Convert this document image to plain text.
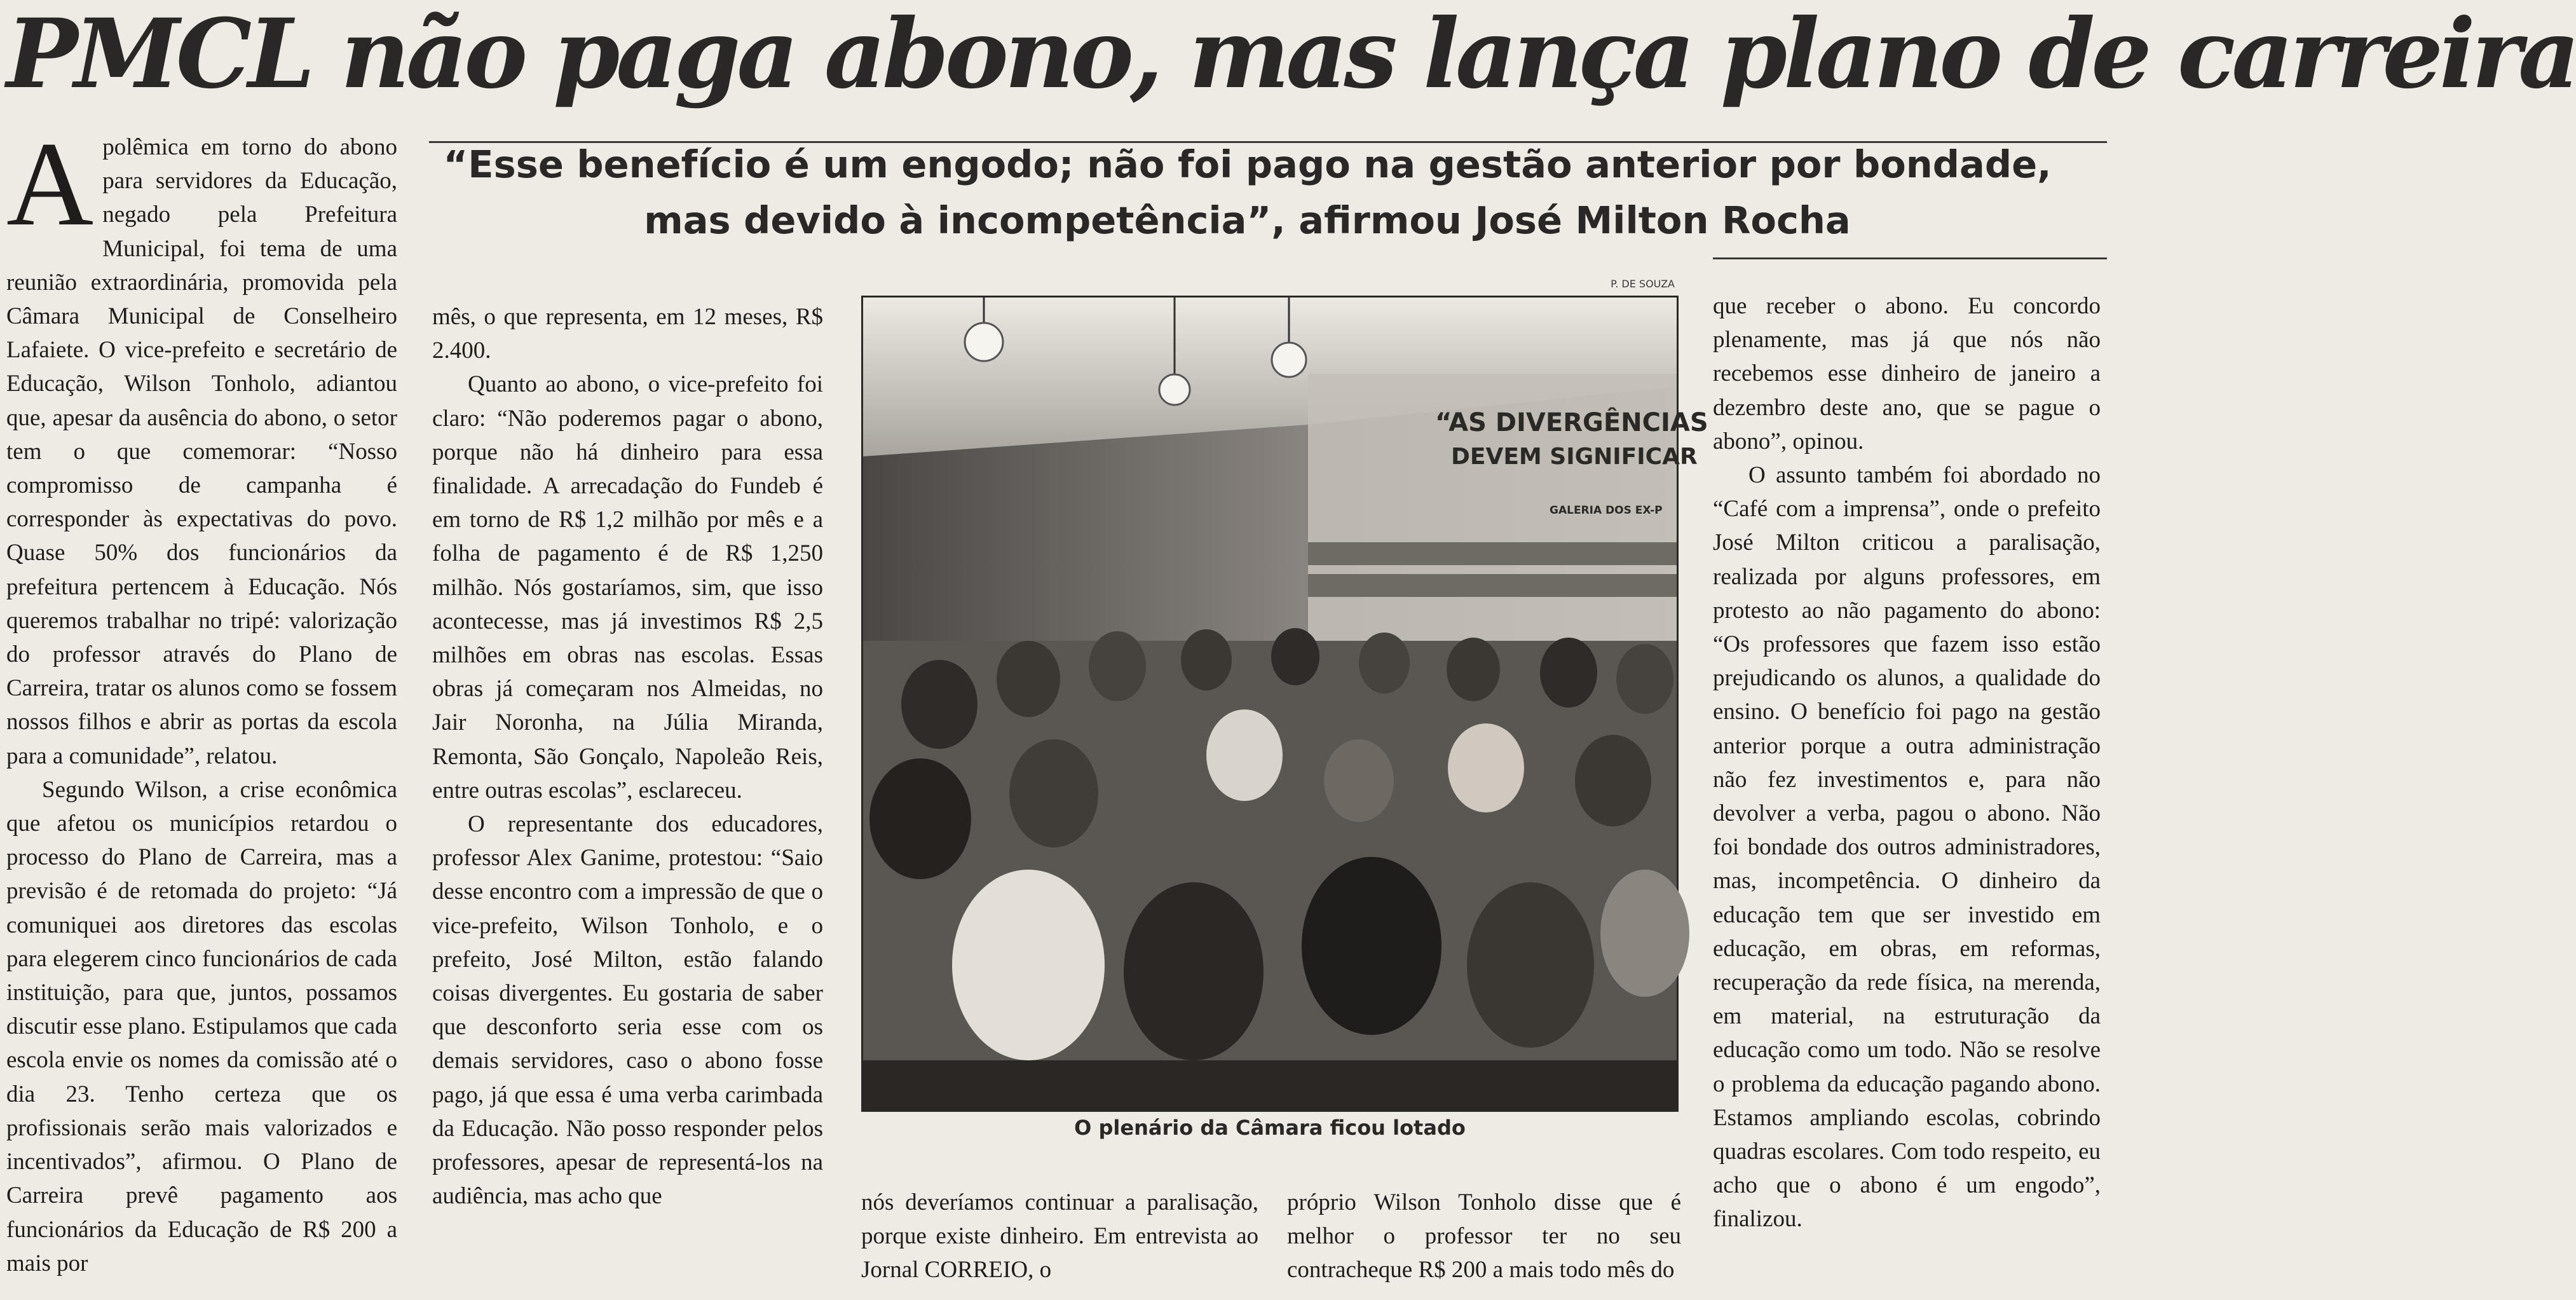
PMCL não paga abono, mas lança plano de carreira
“Esse benefício é um engodo; não foi pago na gestão anterior por bondade, mas devido à incompetência”, afirmou José Milton Rocha

A polêmica em torno do abono para servidores da Educação, negado pela Prefeitura Municipal, foi tema de uma reunião extraordinária, promovida pela Câmara Municipal de Conselheiro Lafaiete. O vice-prefeito e secretário de Educação, Wilson Tonholo, adiantou que, apesar da ausência do abono, o setor tem o que comemorar: “Nosso compromisso de campanha é corresponder às expectativas do povo. Quase 50% dos funcionários da prefeitura pertencem à Educação. Nós queremos trabalhar no tripé: valorização do professor através do Plano de Carreira, tratar os alunos como se fossem nossos filhos e abrir as portas da escola para a comunidade”, relatou.

Segundo Wilson, a crise econômica que afetou os municípios retardou o processo do Plano de Carreira, mas a previsão é de retomada do projeto: “Já comuniquei aos diretores das escolas para elegerem cinco funcionários de cada instituição, para que, juntos, possamos discutir esse plano. Estipulamos que cada escola envie os nomes da comissão até o dia 23. Tenho certeza que os profissionais serão mais valorizados e incentivados”, afirmou. O Plano de Carreira prevê pagamento aos funcionários da Educação de R$ 200 a mais por

mês, o que representa, em 12 meses, R$ 2.400.

Quanto ao abono, o vice-prefeito foi claro: “Não poderemos pagar o abono, porque não há dinheiro para essa finalidade. A arrecadação do Fundeb é em torno de R$ 1,2 milhão por mês e a folha de pagamento é de R$ 1,250 milhão. Nós gostaríamos, sim, que isso acontecesse, mas já investimos R$ 2,5 milhões em obras nas escolas. Essas obras já começaram nos Almeidas, no Jair Noronha, na Júlia Miranda, Remonta, São Gonçalo, Napoleão Reis, entre outras escolas”, esclareceu.

O representante dos educadores, professor Alex Ganime, protestou: “Saio desse encontro com a impressão de que o vice-prefeito, Wilson Tonholo, e o prefeito, José Milton, estão falando coisas divergentes. Eu gostaria de saber que desconforto seria esse com os demais servidores, caso o abono fosse pago, já que essa é uma verba carimbada da Educação. Não posso responder pelos professores, apesar de representá-los na audiência, mas acho que

P. DE SOUZA
“AS DIVERGÊNCIAS
DEVEM SIGNIFICAR
GALERIA DOS EX-P
O plenário da Câmara ficou lotado

nós deveríamos continuar a paralisação, porque existe dinheiro. Em entrevista ao Jornal CORREIO, o

próprio Wilson Tonholo disse que é melhor o professor ter no seu contracheque R$ 200 a mais todo mês do

que receber o abono. Eu concordo plenamente, mas já que nós não recebemos esse dinheiro de janeiro a dezembro deste ano, que se pague o abono”, opinou.

O assunto também foi abordado no “Café com a imprensa”, onde o prefeito José Milton criticou a paralisação, realizada por alguns professores, em protesto ao não pagamento do abono: “Os professores que fazem isso estão prejudicando os alunos, a qualidade do ensino. O benefício foi pago na gestão anterior porque a outra administração não fez investimentos e, para não devolver a verba, pagou o abono. Não foi bondade dos outros administradores, mas, incompetência. O dinheiro da educação tem que ser investido em educação, em obras, em reformas, recuperação da rede física, na merenda, em material, na estruturação da educação como um todo. Não se resolve o problema da educação pagando abono. Estamos ampliando escolas, cobrindo quadras escolares. Com todo respeito, eu acho que o abono é um engodo”, finalizou.
